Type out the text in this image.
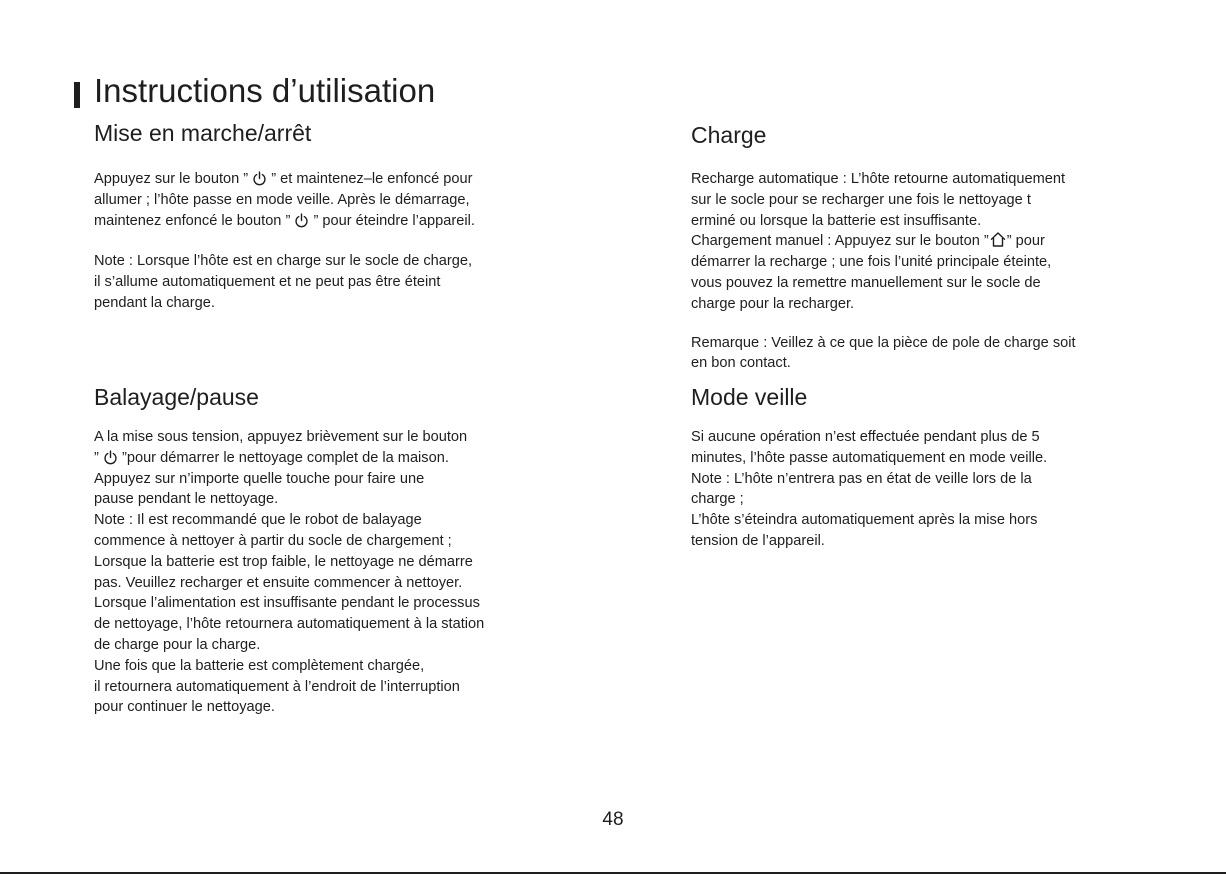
Instructions d’utilisation
Mise en marche/arrêt
Appuyez sur le bouton ”  ” et maintenez–le enfoncé pour
allumer ; l’hôte passe en mode veille. Après le démarrage,
maintenez enfoncé le bouton ”  ” pour éteindre l’appareil.
Note : Lorsque l’hôte est en charge sur le socle de charge,
il s’allume automatiquement et ne peut pas être éteint
pendant la charge.
Balayage/pause
A la mise sous tension, appuyez brièvement sur le bouton
”  ”pour démarrer le nettoyage complet de la maison.
Appuyez sur n’importe quelle touche pour faire une
pause pendant le nettoyage.
Note : Il est recommandé que le robot de balayage
commence à nettoyer à partir du socle de chargement ;
Lorsque la batterie est trop faible, le nettoyage ne démarre
pas. Veuillez recharger et ensuite commencer à nettoyer.
Lorsque l’alimentation est insuffisante pendant le processus
de nettoyage, l’hôte retournera automatiquement à la station
de charge pour la charge.
Une fois que la batterie est complètement chargée,
il retournera automatiquement à l’endroit de l’interruption
pour continuer le nettoyage.
Charge
Recharge automatique : L’hôte retourne automatiquement
sur le socle pour se recharger une fois le nettoyage t
erminé ou lorsque la batterie est insuffisante.
Chargement manuel : Appuyez sur le bouton ” ” pour
démarrer la recharge ; une fois l’unité principale éteinte,
vous pouvez la remettre manuellement sur le socle de
charge pour la recharger.
Remarque : Veillez à ce que la pièce de pole de charge soit
en bon contact.
Mode veille
Si aucune opération n’est effectuée pendant plus de 5
minutes, l’hôte passe automatiquement en mode veille.
Note : L’hôte n’entrera pas en état de veille lors de la
charge ;
L’hôte s’éteindra automatiquement après la mise hors
tension de l’appareil.
48
